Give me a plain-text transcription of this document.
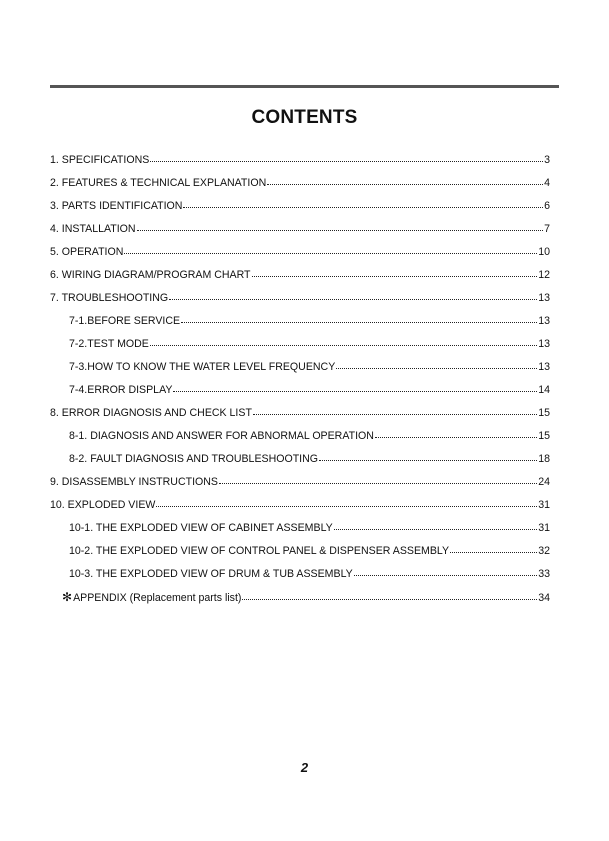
CONTENTS
1. SPECIFICATIONS	3
2. FEATURES & TECHNICAL EXPLANATION	4
3. PARTS IDENTIFICATION	6
4. INSTALLATION	7
5. OPERATION	10
6. WIRING DIAGRAM/PROGRAM CHART	12
7. TROUBLESHOOTING	13
7-1.BEFORE SERVICE	13
7-2.TEST MODE	13
7-3.HOW TO KNOW THE WATER LEVEL FREQUENCY	13
7-4.ERROR DISPLAY	14
8. ERROR DIAGNOSIS AND CHECK LIST	15
8-1. DIAGNOSIS AND ANSWER FOR ABNORMAL OPERATION	15
8-2. FAULT DIAGNOSIS AND TROUBLESHOOTING	18
9. DISASSEMBLY INSTRUCTIONS	24
10. EXPLODED VIEW	31
10-1. THE EXPLODED VIEW OF CABINET ASSEMBLY	31
10-2. THE EXPLODED VIEW OF CONTROL PANEL & DISPENSER ASSEMBLY	32
10-3. THE EXPLODED VIEW OF DRUM & TUB ASSEMBLY	33
✻ APPENDIX (Replacement parts list)	34
2
